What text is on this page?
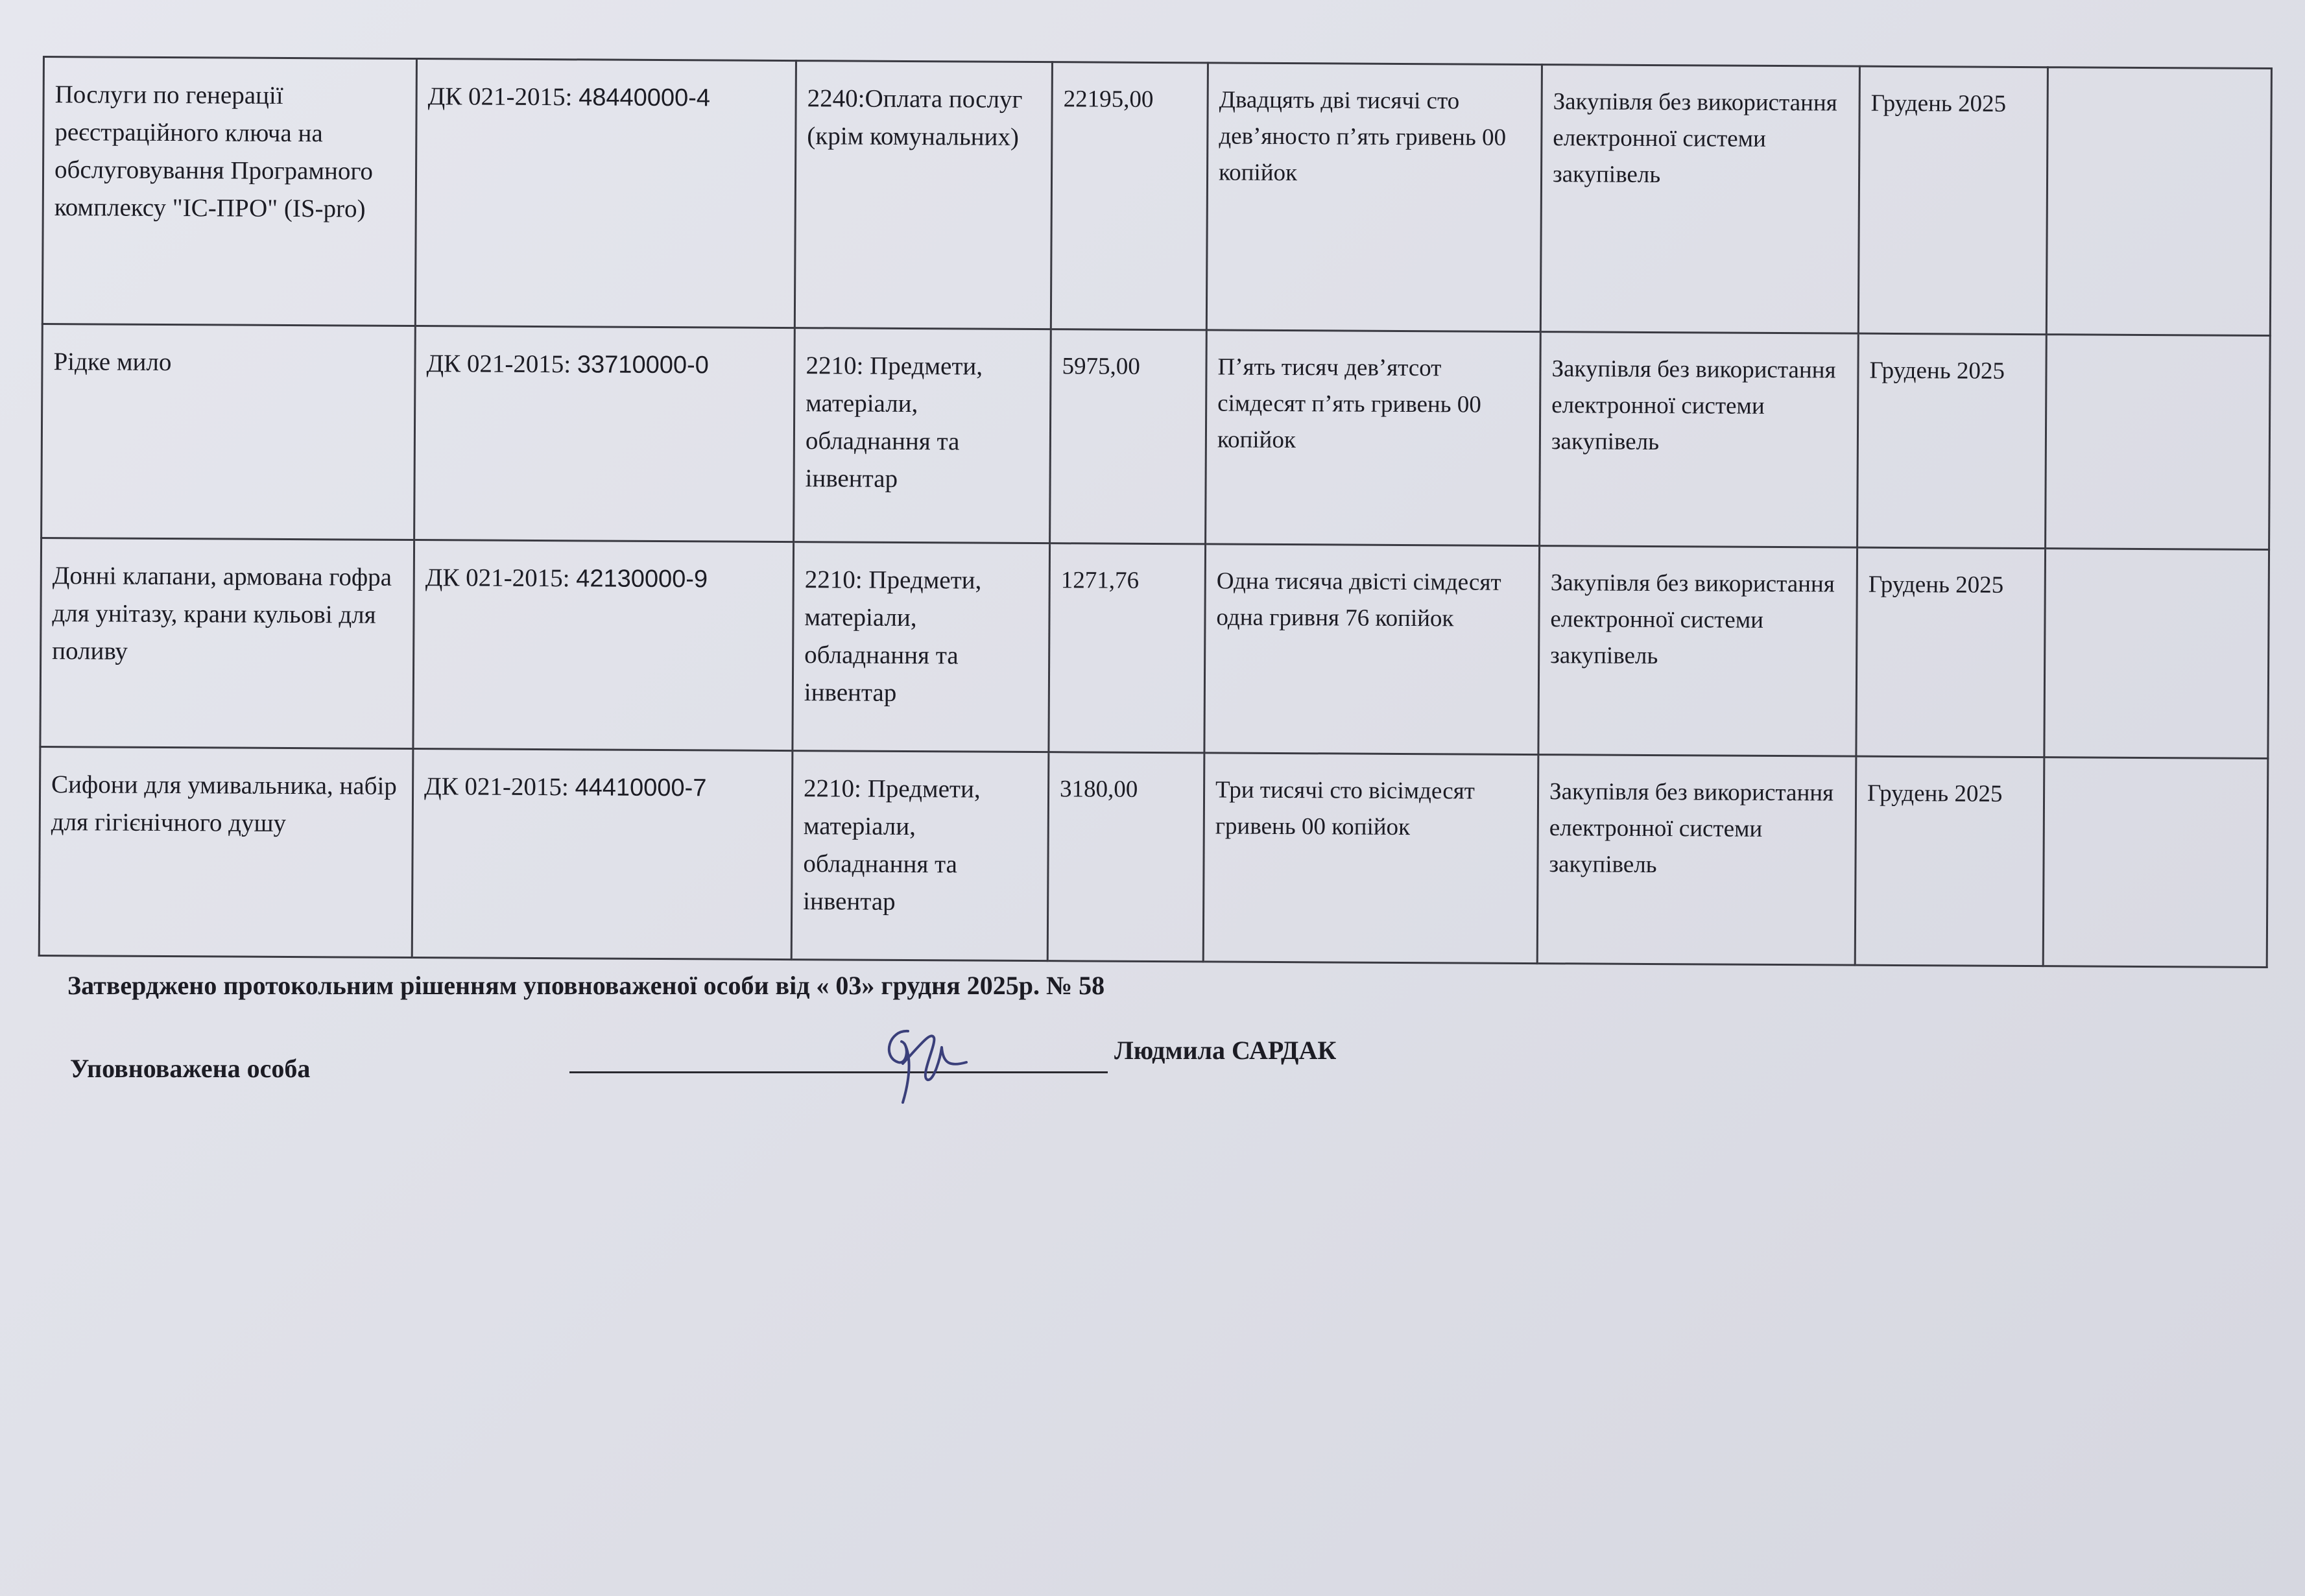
Послуги по генерації реєстраційного ключа на обслуговування Програмного комплексу "ІС-ПРО" (IS-pro)	ДК 021-2015: 48440000-4	2240:Оплата послуг (крім комунальних)	22195,00	Двадцять дві тисячі сто дев’яносто п’ять гривень 00 копійок	Закупівля без використання електронної системи закупівель	Грудень 2025	
Рідке мило	ДК 021-2015: 33710000-0	2210: Предмети, матеріали, обладнання та інвентар	5975,00	П’ять тисяч дев’ятсот сімдесят п’ять гривень 00 копійок	Закупівля без використання електронної системи закупівель	Грудень 2025	
Донні клапани, армована гофра для унітазу, крани кульові для поливу	ДК 021-2015: 42130000-9	2210: Предмети, матеріали, обладнання та інвентар	1271,76	Одна тисяча двісті сімдесят одна гривня 76 копійок	Закупівля без використання електронної системи закупівель	Грудень 2025	
Сифони для умивальника, набір для гігієнічного душу	ДК 021-2015: 44410000-7	2210: Предмети, матеріали, обладнання та інвентар	3180,00	Три тисячі сто вісімдесят гривень 00 копійок	Закупівля без використання електронної системи закупівель	Грудень 2025	
Затверджено протокольним рішенням уповноваженої особи від « 03» грудня 2025р. № 58
Уповноважена особа
Людмила САРДАК
